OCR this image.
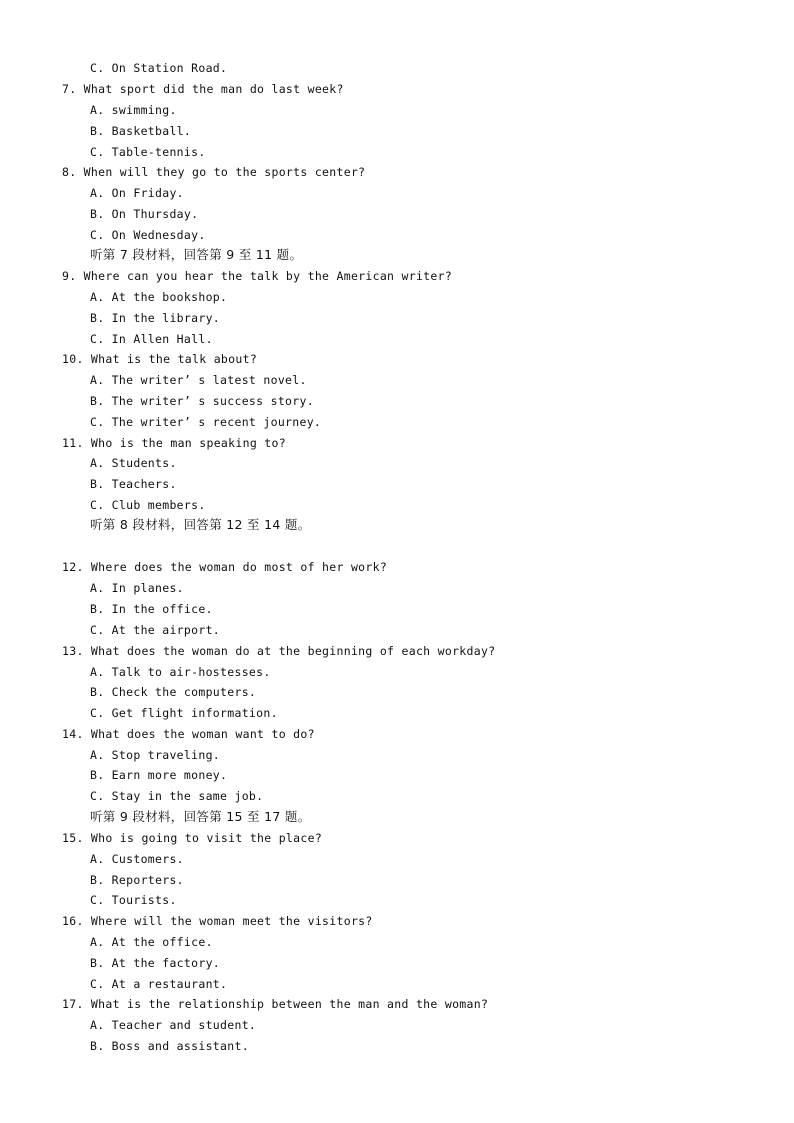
C. On Station Road.
7. What sport did the man do last week?
A. swimming.
B. Basketball.
C. Table-tennis.
8. When will they go to the sports center?
A. On Friday.
B. On Thursday.
C. On Wednesday.
听第 7 段材料，回答第 9 至 11 题。
9. Where can you hear the talk by the American writer?
A. At the bookshop.
B. In the library.
C. In Allen Hall.
10. What is the talk about?
A. The writer’ s latest novel.
B. The writer’ s success story.
C. The writer’ s recent journey.
11. Who is the man speaking to?
A. Students.
B. Teachers.
C. Club members.
听第 8 段材料，回答第 12 至 14 题。
12. Where does the woman do most of her work?
A. In planes.
B. In the office.
C. At the airport.
13. What does the woman do at the beginning of each workday?
A. Talk to air-hostesses.
B. Check the computers.
C. Get flight information.
14. What does the woman want to do?
A. Stop traveling.
B. Earn more money.
C. Stay in the same job.
听第 9 段材料，回答第 15 至 17 题。
15. Who is going to visit the place?
A. Customers.
B. Reporters.
C. Tourists.
16. Where will the woman meet the visitors?
A. At the office.
B. At the factory.
C. At a restaurant.
17. What is the relationship between the man and the woman?
A. Teacher and student.
B. Boss and assistant.
